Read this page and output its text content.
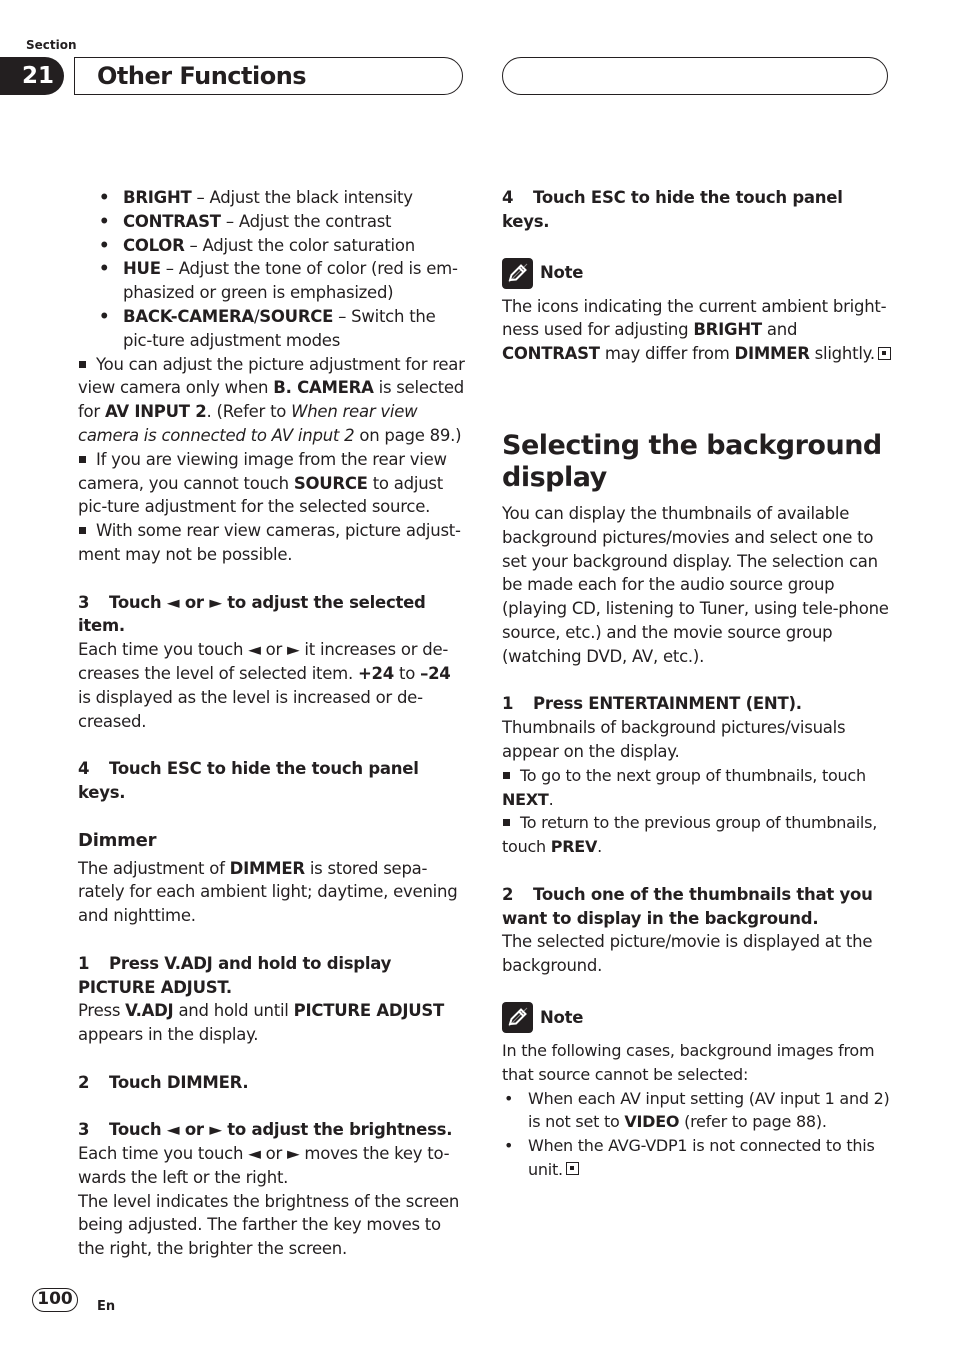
Section
21	Other Functions
• BRIGHT – Adjust the black intensity
• CONTRAST – Adjust the contrast
• COLOR – Adjust the color saturation
• HUE – Adjust the tone of color (red is em-phasized or green is emphasized)
• BACK-CAMERA/SOURCE – Switch the pic-ture adjustment modes

You can adjust the picture adjustment for rear view camera only when B. CAMERA is selected for AV INPUT 2. (Refer to When rear view camera is connected to AV input 2 on page 89.)

If you are viewing image from the rear view camera, you cannot touch SOURCE to adjust pic-ture adjustment for the selected source.

With some rear view cameras, picture adjust-ment may not be possible.

3 Touch ◄ or ► to adjust the selected item.

Each time you touch ◄ or ► it increases or de-creases the level of selected item. +24 to –24 is displayed as the level is increased or de-creased.

4 Touch ESC to hide the touch panel keys.

Dimmer

The adjustment of DIMMER is stored sepa-rately for each ambient light; daytime, evening and nighttime.

1 Press V.ADJ and hold to display PICTURE ADJUST.

Press V.ADJ and hold until PICTURE ADJUST appears in the display.

2 Touch DIMMER.

3 Touch ◄ or ► to adjust the brightness.

Each time you touch ◄ or ► moves the key to-wards the left or the right.

The level indicates the brightness of the screen being adjusted. The farther the key moves to the right, the brighter the screen.

4 Touch ESC to hide the touch panel keys.

Note

The icons indicating the current ambient bright-ness used for adjusting BRIGHT and CONTRAST may differ from DIMMER slightly.

Selecting the background display

You can display the thumbnails of available background pictures/movies and select one to set your background display. The selection can be made each for the audio source group (playing CD, listening to Tuner, using tele-phone source, etc.) and the movie source group (watching DVD, AV, etc.).

1 Press ENTERTAINMENT (ENT).

Thumbnails of background pictures/visuals appear on the display.

To go to the next group of thumbnails, touch NEXT.

To return to the previous group of thumbnails, touch PREV.

2 Touch one of the thumbnails that you want to display in the background.

The selected picture/movie is displayed at the background.

Note

In the following cases, background images from that source cannot be selected:

• When each AV input setting (AV input 1 and 2) is not set to VIDEO (refer to page 88).
• When the AVG-VDP1 is not connected to this unit.
100	En
